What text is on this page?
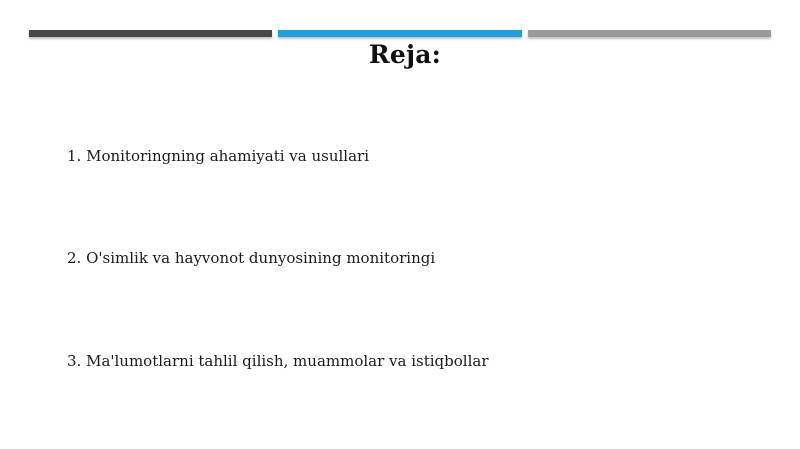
Reja:
1. Monitoringning ahamiyati va usullari
2. O'simlik va hayvonot dunyosining monitoringi
3. Ma'lumotlarni tahlil qilish, muammolar va istiqbollar
